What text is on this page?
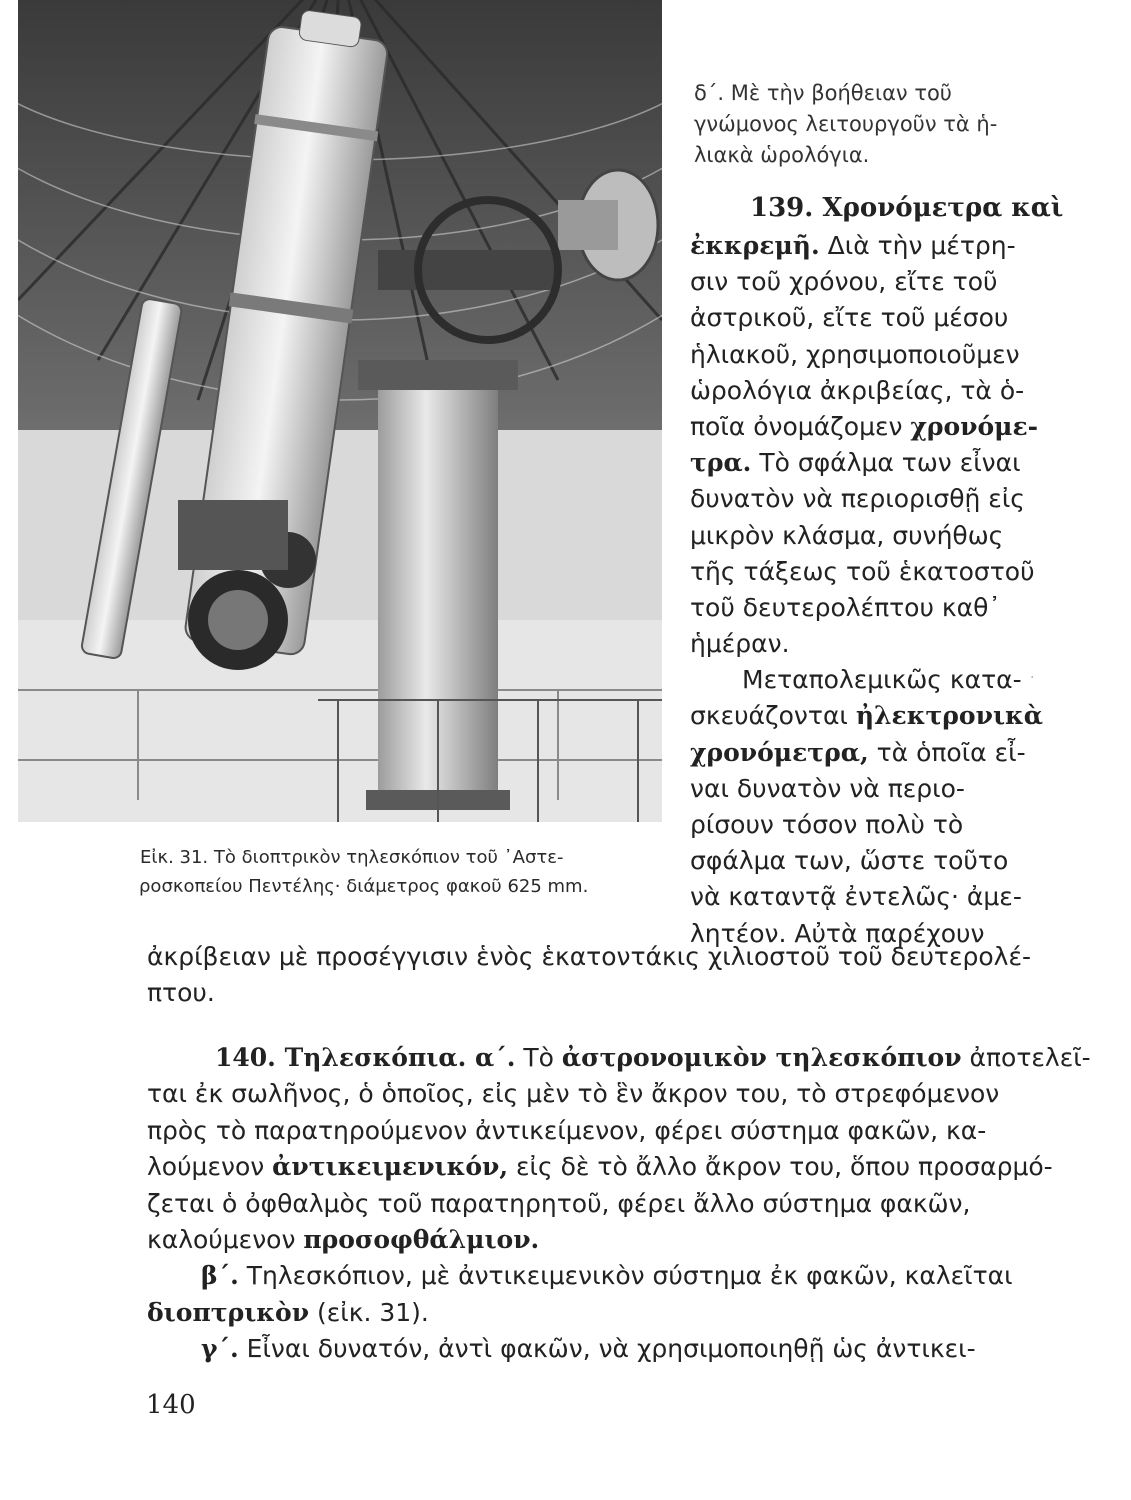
Εἰκ. 31. Τὸ διοπτρικὸν τηλεσκόπιον τοῦ ᾿Αστε-
ροσκοπείου Πεντέλης· διάμετρος φακοῦ 625 mm.
δ΄. Μὲ τὴν βοήθειαν τοῦ
γνώμονος λειτουργοῦν τὰ ἡ-
λιακὰ ὡρολόγια.
139. Χρονόμετρα καὶ
ἐκκρεμῆ. Διὰ τὴν μέτρη-
σιν τοῦ χρόνου, εἴτε τοῦ
ἀστρικοῦ, εἴτε τοῦ μέσου
ἡλιακοῦ, χρησιμοποιοῦμεν
ὡρολόγια ἀκριβείας, τὰ ὁ-
ποῖα ὀνομάζομεν χρονόμε-
τρα. Τὸ σφάλμα των εἶναι
δυνατὸν νὰ περιορισθῇ εἰς
μικρὸν κλάσμα, συνήθως
τῆς τάξεως τοῦ ἑκατοστοῦ
τοῦ δευτερολέπτου καθ᾿
ἡμέραν.
Μεταπολεμικῶς κατα-
σκευάζονται ἠλεκτρονικὰ
χρονόμετρα, τὰ ὁποῖα εἶ-
ναι δυνατὸν νὰ περιο-
ρίσουν τόσον πολὺ τὸ
σφάλμα των, ὥστε τοῦτο
νὰ καταντᾷ ἐντελῶς· ἀμε-
λητέον. Αὐτὰ παρέχουν
·
ἀκρίβειαν μὲ προσέγγισιν ἑνὸς ἑκατοντάκις χιλιοστοῦ τοῦ δευτερολέ-
πτου.
140. Τηλεσκόπια. α΄. Τὸ ἀστρονομικὸν τηλεσκόπιον ἀποτελεῖ-
ται ἐκ σωλῆνος, ὁ ὁποῖος, εἰς μὲν τὸ ἓν ἄκρον του, τὸ στρεφόμενον
πρὸς τὸ παρατηρούμενον ἀντικείμενον, φέρει σύστημα φακῶν, κα-
λούμενον ἀντικειμενικόν, εἰς δὲ τὸ ἄλλο ἄκρον του, ὅπου προσαρμό-
ζεται ὁ ὀφθαλμὸς τοῦ παρατηρητοῦ, φέρει ἄλλο σύστημα φακῶν,
καλούμενον προσοφθάλμιον.
β΄. Τηλεσκόπιον, μὲ ἀντικειμενικὸν σύστημα ἐκ φακῶν, καλεῖται
διοπτρικὸν (εἰκ. 31).
γ΄. Εἶναι δυνατόν, ἀντὶ φακῶν, νὰ χρησιμοποιηθῇ ὡς ἀντικει-
140
